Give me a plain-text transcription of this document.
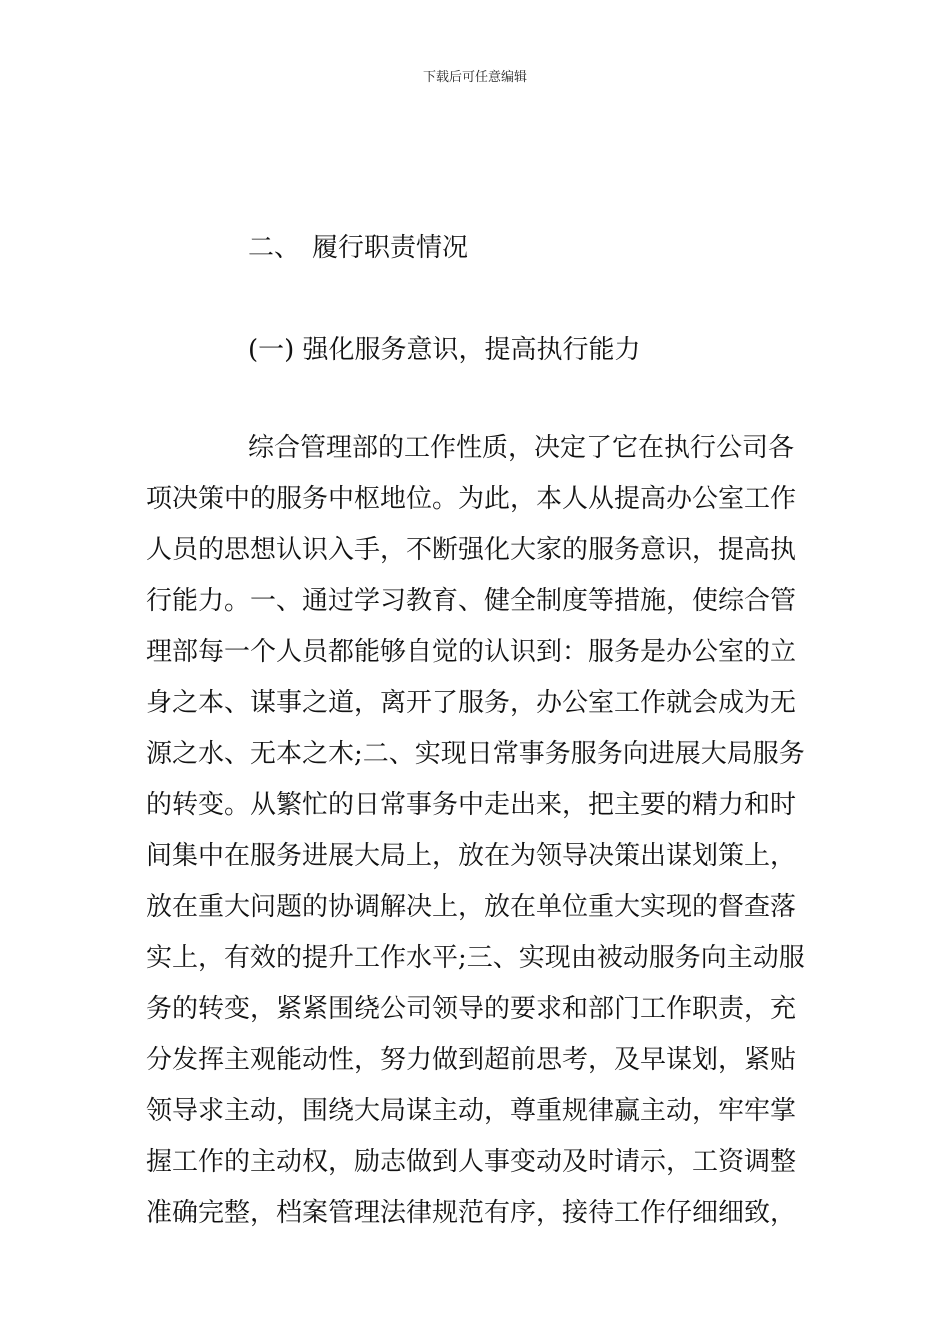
下载后可任意编辑
二、 履行职责情况
(一) 强化服务意识，提高执行能力
综合管理部的工作性质，决定了它在执行公司各
项决策中的服务中枢地位。为此，本人从提高办公室工作
人员的思想认识入手，不断强化大家的服务意识，提高执
行能力。一、通过学习教育、健全制度等措施，使综合管
理部每一个人员都能够自觉的认识到：服务是办公室的立
身之本、谋事之道，离开了服务，办公室工作就会成为无
源之水、无本之木;二、实现日常事务服务向进展大局服务
的转变。从繁忙的日常事务中走出来，把主要的精力和时
间集中在服务进展大局上，放在为领导决策出谋划策上，
放在重大问题的协调解决上，放在单位重大实现的督查落
实上，有效的提升工作水平;三、实现由被动服务向主动服
务的转变，紧紧围绕公司领导的要求和部门工作职责，充
分发挥主观能动性，努力做到超前思考，及早谋划，紧贴
领导求主动，围绕大局谋主动，尊重规律赢主动，牢牢掌
握工作的主动权，励志做到人事变动及时请示，工资调整
准确完整，档案管理法律规范有序，接待工作仔细细致，
